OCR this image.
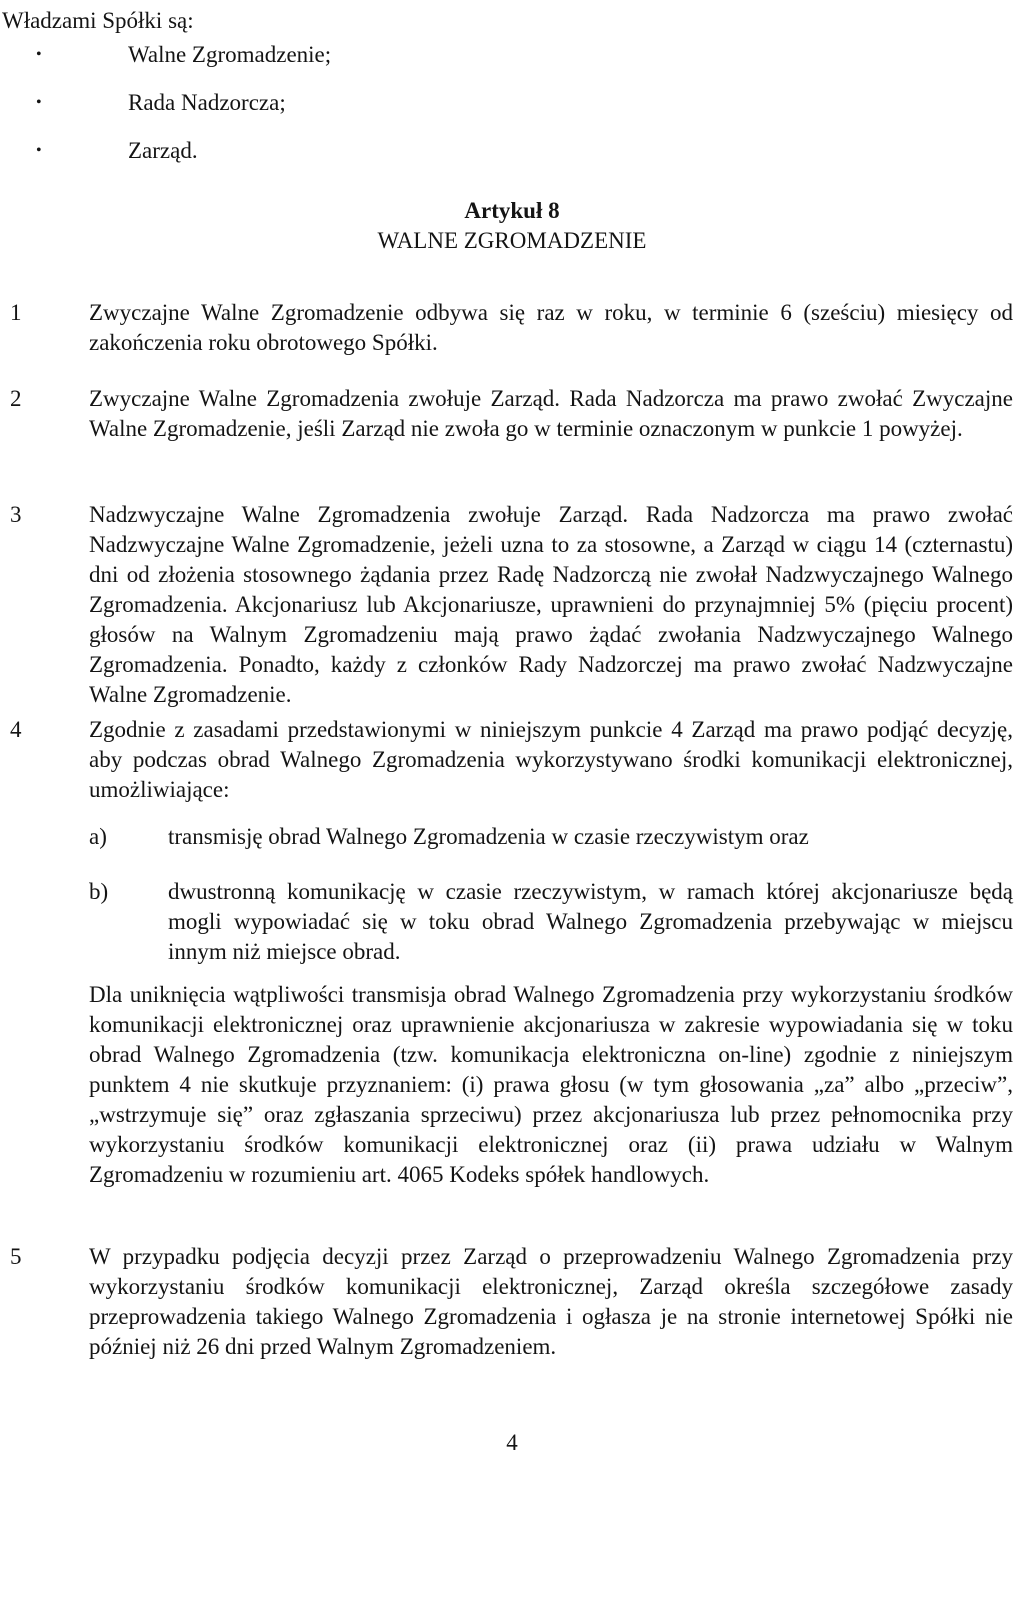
Władzami Spółki są:
•	Walne Zgromadzenie;
•	Rada Nadzorcza;
•	Zarząd.
Artykuł 8
WALNE ZGROMADZENIE
1	Zwyczajne Walne Zgromadzenie odbywa się raz w roku, w terminie 6 (sześciu) miesięcy od zakończenia roku obrotowego Spółki.
2	Zwyczajne Walne Zgromadzenia zwołuje Zarząd. Rada Nadzorcza ma prawo zwołać Zwyczajne Walne Zgromadzenie, jeśli Zarząd nie zwoła go w terminie oznaczonym w punkcie 1 powyżej.
3	Nadzwyczajne Walne Zgromadzenia zwołuje Zarząd. Rada Nadzorcza ma prawo zwołać Nadzwyczajne Walne Zgromadzenie, jeżeli uzna to za stosowne, a Zarząd w ciągu 14 (czternastu) dni od złożenia stosownego żądania przez Radę Nadzorczą nie zwołał Nadzwyczajnego Walnego Zgromadzenia. Akcjonariusz lub Akcjonariusze, uprawnieni do przynajmniej 5% (pięciu procent) głosów na Walnym Zgromadzeniu mają prawo żądać zwołania Nadzwyczajnego Walnego Zgromadzenia. Ponadto, każdy z członków Rady Nadzorczej ma prawo zwołać Nadzwyczajne Walne Zgromadzenie.
4	Zgodnie z zasadami przedstawionymi w niniejszym punkcie 4 Zarząd ma prawo podjąć decyzję, aby podczas obrad Walnego Zgromadzenia wykorzystywano środki komunikacji elektronicznej, umożliwiające:
a)	transmisję obrad Walnego Zgromadzenia w czasie rzeczywistym oraz
b)	dwustronną komunikację w czasie rzeczywistym, w ramach której akcjonariusze będą mogli wypowiadać się w toku obrad Walnego Zgromadzenia przebywając w miejscu innym niż miejsce obrad.
Dla uniknięcia wątpliwości transmisja obrad Walnego Zgromadzenia przy wykorzystaniu środków komunikacji elektronicznej oraz uprawnienie akcjonariusza w zakresie wypowiadania się w toku obrad Walnego Zgromadzenia (tzw. komunikacja elektroniczna on-line) zgodnie z niniejszym punktem 4 nie skutkuje przyznaniem: (i) prawa głosu (w tym głosowania „za” albo „przeciw”, „wstrzymuje się” oraz zgłaszania sprzeciwu) przez akcjonariusza lub przez pełnomocnika przy wykorzystaniu środków komunikacji elektronicznej oraz (ii) prawa udziału w Walnym Zgromadzeniu w rozumieniu art. 4065 Kodeks spółek handlowych.
5	W przypadku podjęcia decyzji przez Zarząd o przeprowadzeniu Walnego Zgromadzenia przy wykorzystaniu środków komunikacji elektronicznej, Zarząd określa szczegółowe zasady przeprowadzenia takiego Walnego Zgromadzenia i ogłasza je na stronie internetowej Spółki nie później niż 26 dni przed Walnym Zgromadzeniem.
4
